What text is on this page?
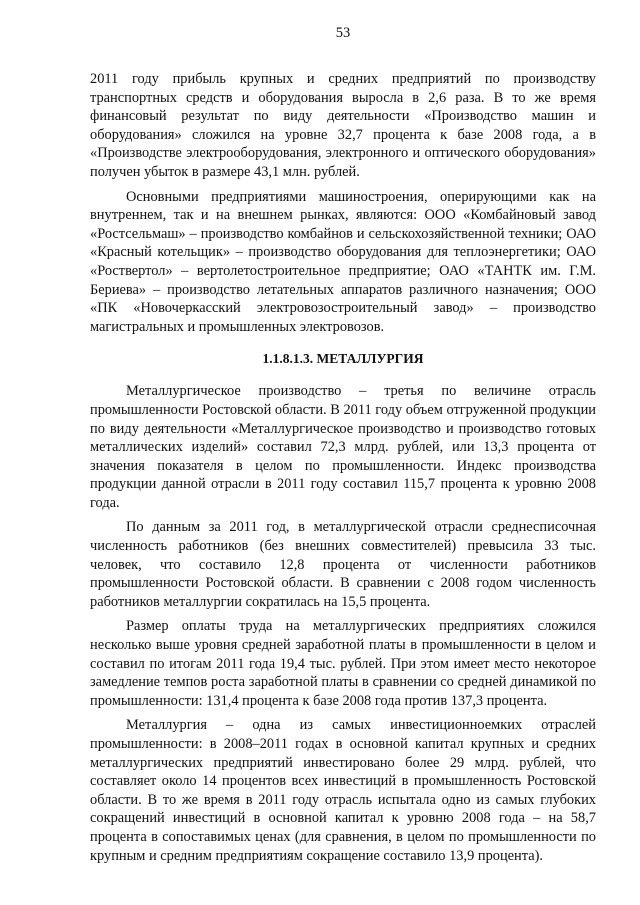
53

2011 году прибыль крупных и средних предприятий по производству транспортных средств и оборудования выросла в 2,6 раза. В то же время финансовый результат по виду деятельности «Производство машин и оборудования» сложился на уровне 32,7 процента к базе 2008 года, а в «Производстве электрооборудования, электронного и оптического оборудования» получен убыток в размере 43,1 млн. рублей.

Основными предприятиями машиностроения, оперирующими как на внутреннем, так и на внешнем рынках, являются: ООО «Комбайновый завод «Ростсельмаш» – производство комбайнов и сельскохозяйственной техники; ОАО «Красный котельщик» – производство оборудования для теплоэнергетики; ОАО «Роствертол» – вертолетостроительное предприятие; ОАО «ТАНТК им. Г.М. Бериева» – производство летательных аппаратов различного назначения; ООО «ПК «Новочеркасский электровозостроительный завод» – производство магистральных и промышленных электровозов.

1.1.8.1.3. МЕТАЛЛУРГИЯ

Металлургическое производство – третья по величине отрасль промышленности Ростовской области. В 2011 году объем отгруженной продукции по виду деятельности «Металлургическое производство и производство готовых металлических изделий» составил 72,3 млрд. рублей, или 13,3 процента от значения показателя в целом по промышленности. Индекс производства продукции данной отрасли в 2011 году составил 115,7 процента к уровню 2008 года.

По данным за 2011 год, в металлургической отрасли среднесписочная численность работников (без внешних совместителей) превысила 33 тыс. человек, что составило 12,8 процента от численности работников промышленности Ростовской области. В сравнении с 2008 годом численность работников металлургии сократилась на 15,5 процента.

Размер оплаты труда на металлургических предприятиях сложился несколько выше уровня средней заработной платы в промышленности в целом и составил по итогам 2011 года 19,4 тыс. рублей. При этом имеет место некоторое замедление темпов роста заработной платы в сравнении со средней динамикой по промышленности: 131,4 процента к базе 2008 года против 137,3 процента.

Металлургия – одна из самых инвестиционноемких отраслей промышленности: в 2008–2011 годах в основной капитал крупных и средних металлургических предприятий инвестировано более 29 млрд. рублей, что составляет около 14 процентов всех инвестиций в промышленность Ростовской области. В то же время в 2011 году отрасль испытала одно из самых глубоких сокращений инвестиций в основной капитал к уровню 2008 года – на 58,7 процента в сопоставимых ценах (для сравнения, в целом по промышленности по крупным и средним предприятиям сокращение составило 13,9 процента).
